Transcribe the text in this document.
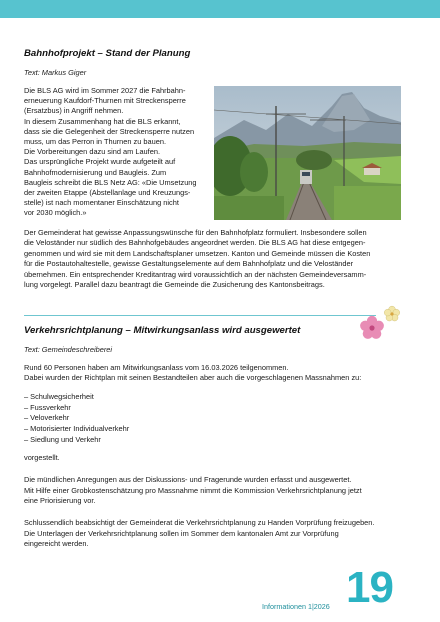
Bahnhofprojekt – Stand der Planung
Text: Markus Giger

Die BLS AG wird im Sommer 2027 die Fahrbahn-

erneuerung Kaufdorf-Thurnen mit Streckensperre

(Ersatzbus) in Angriff nehmen.

In diesem Zusammenhang hat die BLS erkannt,

dass sie die Gelegenheit der Streckensperre nutzen

muss, um das Perron in Thurnen zu bauen.

Die Vorbereitungen dazu sind am Laufen.

Das ursprüngliche Projekt wurde aufgeteilt auf

Bahnhofmodernisierung und Baugleis. Zum

Baugleis schreibt die BLS Netz AG: «Die Umsetzung

der zweiten Etappe (Abstellanlage und Kreuzungs-

stelle) ist nach momentaner Einschätzung nicht

vor 2030 möglich.»

Der Gemeinderat hat gewisse Anpassungswünsche für den Bahnhofplatz formuliert. Insbesondere sollen

die Veloständer nur südlich des Bahnhofgebäudes angeordnet werden. Die BLS AG hat diese entgegen-

genommen und wird sie mit dem Landschaftsplaner umsetzen. Kanton und Gemeinde müssen die Kosten

für die Postautohaltestelle, gewisse Gestaltungselemente auf dem Bahnhofplatz und die Veloständer

übernehmen. Ein entsprechender Kreditantrag wird voraussichtlich an der nächsten Gemeindeversamm-

lung vorgelegt. Parallel dazu beantragt die Gemeinde die Zusicherung des Kantonsbeitrags.

Verkehrsrichtplanung – Mitwirkungsanlass wird ausgewertet
Text: Gemeindeschreiberei

Rund 60 Personen haben am Mitwirkungsanlass vom 16.03.2026 teilgenommen.

Dabei wurden der Richtplan mit seinen Bestandteilen aber auch die vorgeschlagenen Massnahmen zu:

– Schulwegsicherheit
– Fussverkehr
– Veloverkehr
– Motorisierter Individualverkehr
– Siedlung und Verkehr

vorgestellt.

Die mündlichen Anregungen aus der Diskussions- und Fragerunde wurden erfasst und ausgewertet.

Mit Hilfe einer Grobkostenschätzung pro Massnahme nimmt die Kommission Verkehrsrichtplanung jetzt

eine Priorisierung vor.

Schlussendlich beabsichtigt der Gemeinderat die Verkehrsrichtplanung zu Handen Vorprüfung freizugeben.

Die Unterlagen der Verkehrsrichtplanung sollen im Sommer dem kantonalen Amt zur Vorprüfung

eingereicht werden.

Informationen 1|2026 19
